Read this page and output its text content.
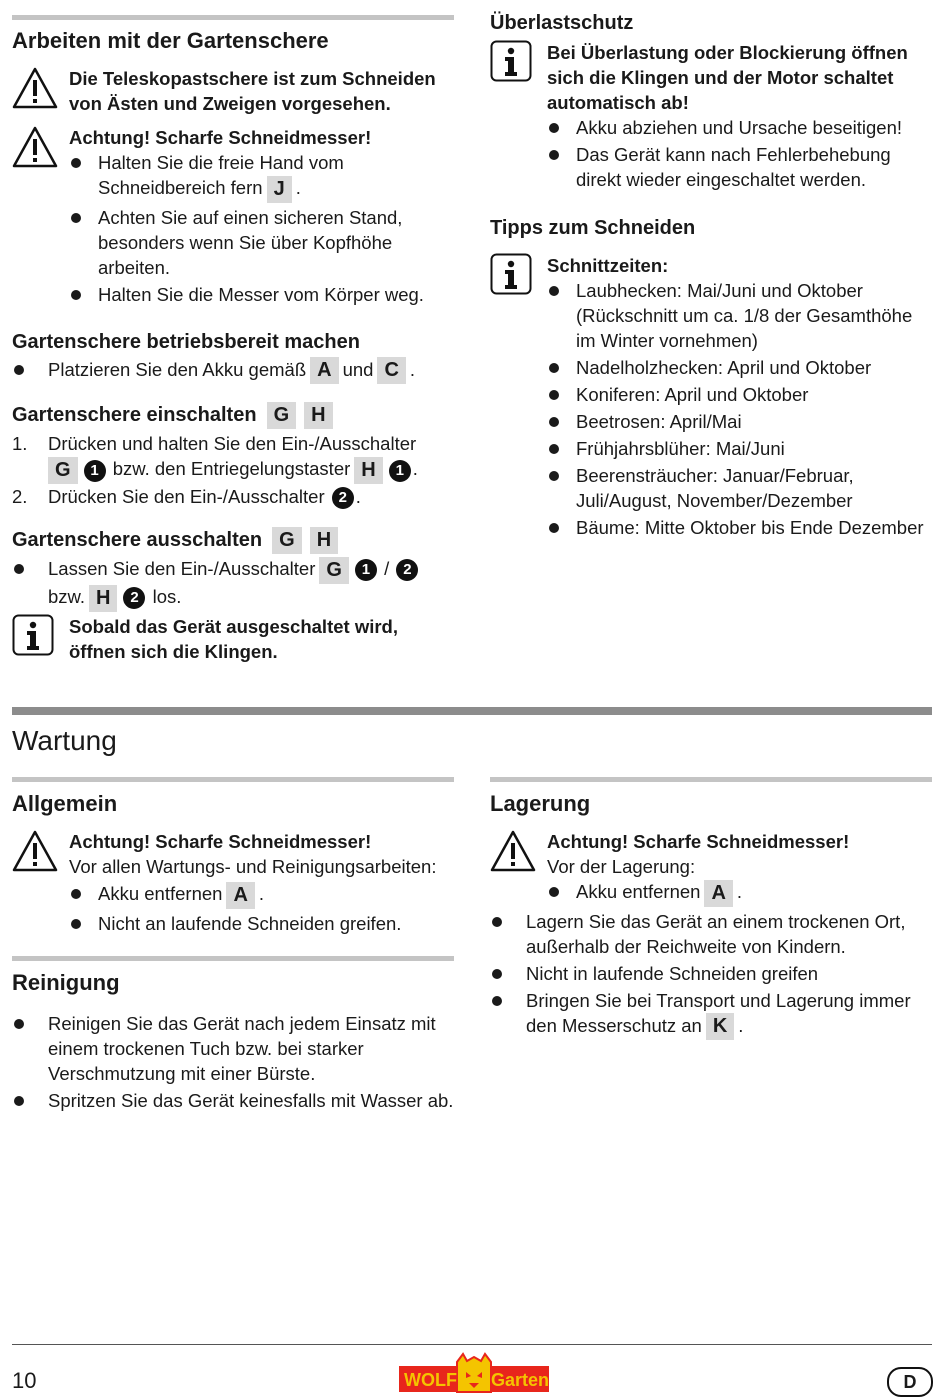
Arbeiten mit der Gartenschere
Die Teleskopastschere ist zum Schneiden von Ästen und Zweigen vorgesehen.
Achtung! Scharfe Schneidmesser!
Halten Sie die freie Hand vom Schneidbereich fern J .
Achten Sie auf einen sicheren Stand, besonders wenn Sie über Kopfhöhe arbeiten.
Halten Sie die Messer vom Körper weg.
Gartenschere betriebsbereit machen
Platzieren Sie den Akku gemäß A und C .
Gartenschere einschalten G H
1. Drücken und halten Sie den Ein-/Ausschalter
G 1 bzw. den Entriegelungstaster H 1 .
2. Drücken Sie den Ein-/Ausschalter 2 .
Gartenschere ausschalten G H
Lassen Sie den Ein-/Ausschalter G 1 / 2
bzw. H 2 los.
Sobald das Gerät ausgeschaltet wird, öffnen sich die Klingen.
Überlastschutz
Bei Überlastung oder Blockierung öffnen sich die Klingen und der Motor schaltet automatisch ab!
Akku abziehen und Ursache beseitigen!
Das Gerät kann nach Fehlerbehebung direkt wieder eingeschaltet werden.
Tipps zum Schneiden
Schnittzeiten:
Laubhecken: Mai/Juni und Oktober (Rückschnitt um ca. 1/8 der Gesamthöhe im Winter vornehmen)
Nadelholzhecken: April und Oktober
Koniferen: April und Oktober
Beetrosen: April/Mai
Frühjahrsblüher: Mai/Juni
Beerensträucher: Januar/Februar, Juli/August, November/Dezember
Bäume: Mitte Oktober bis Ende Dezember
Wartung
Allgemein
Achtung! Scharfe Schneidmesser!
Vor allen Wartungs- und Reinigungsarbeiten:
Akku entfernen A .
Nicht an laufende Schneiden greifen.
Reinigung
Reinigen Sie das Gerät nach jedem Einsatz mit einem trockenen Tuch bzw. bei starker Verschmutzung mit einer Bürste.
Spritzen Sie das Gerät keinesfalls mit Wasser ab.
Lagerung
Achtung! Scharfe Schneidmesser!
Vor der Lagerung:
Akku entfernen A .
Lagern Sie das Gerät an einem trockenen Ort, außerhalb der Reichweite von Kindern.
Nicht in laufende Schneiden greifen
Bringen Sie bei Transport und Lagerung immer den Messerschutz an K .
10	WOLF Garten	D
